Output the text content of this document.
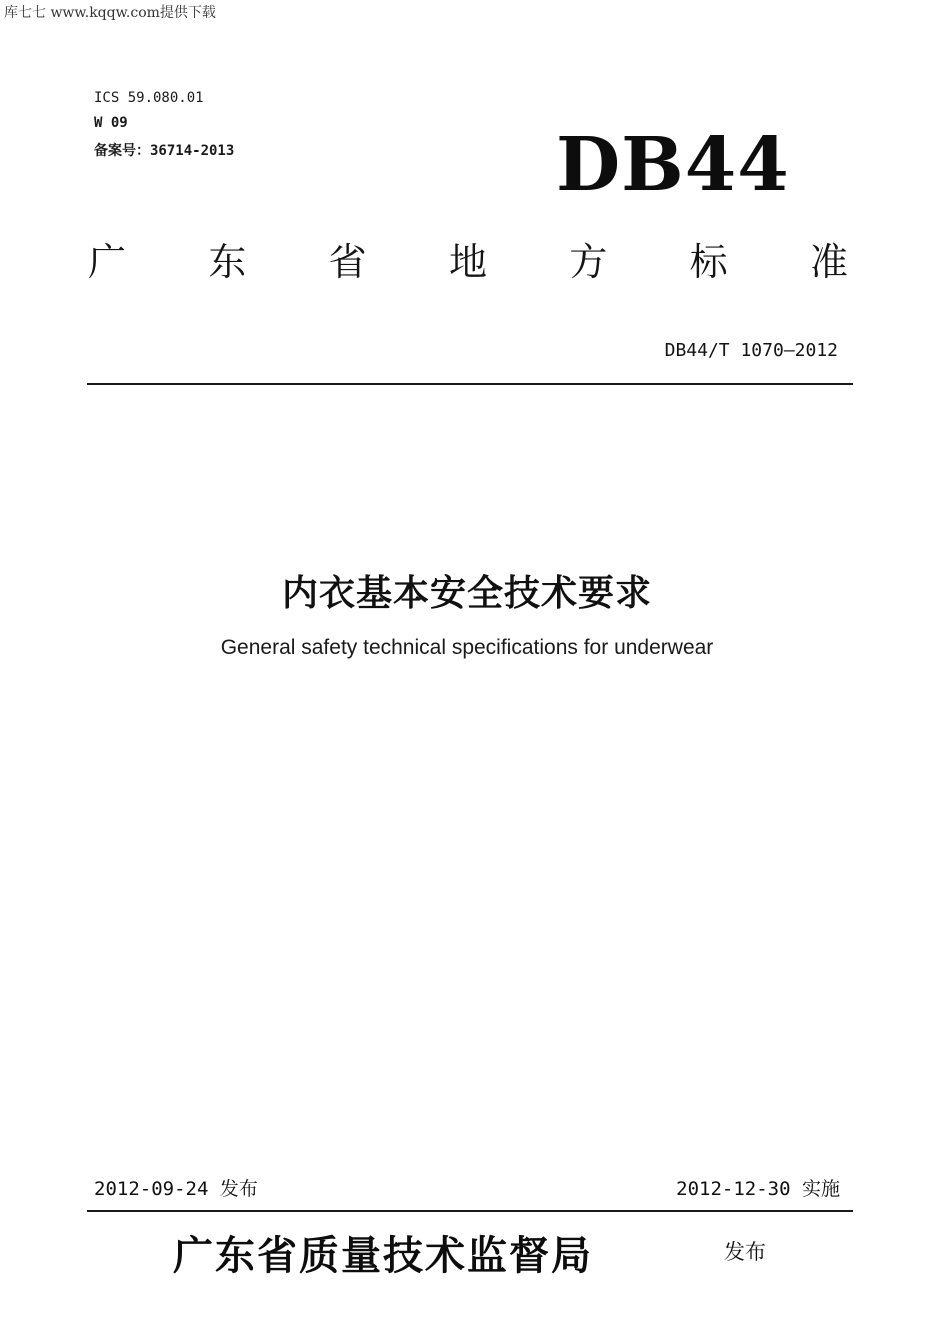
库七七 www.kqqw.com提供下载
ICS 59.080.01
W 09
备案号：36714-2013	DB44
广 东 省 地 方 标 准
DB44/T 1070—2012
内衣基本安全技术要求
General safety technical specifications for underwear
2012-09-24 发布	2012-12-30 实施
广东省质量技术监督局	发布
